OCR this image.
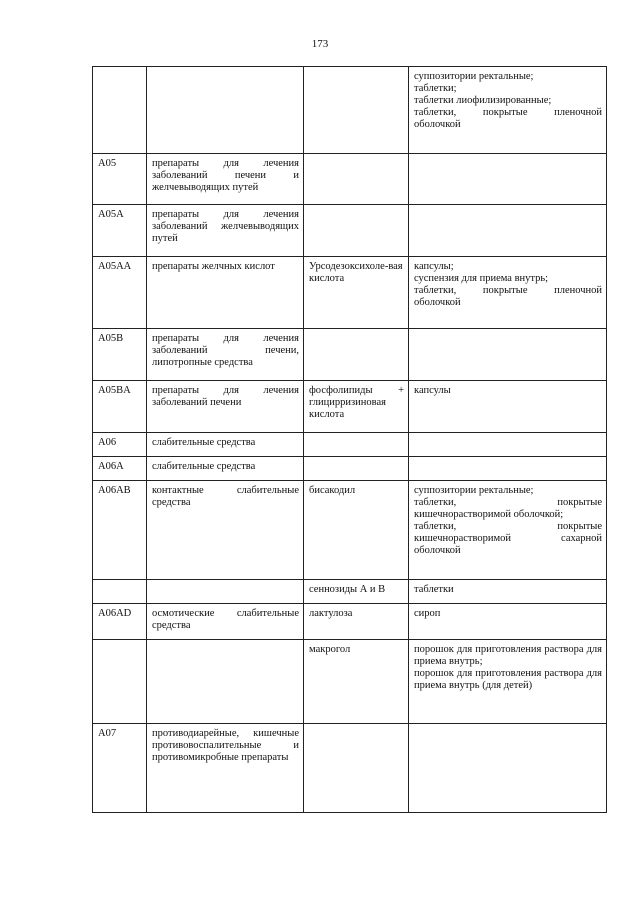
173

			суппозитории ректальные;
таблетки;
таблетки лиофилизированные;
таблетки, покрытые пленочной оболочкой

A05	препараты для лечения заболеваний печени и желчевыводящих путей		
A05A	препараты для лечения заболеваний желчевыводящих путей		
A05AA	препараты желчных кислот	Урсодезоксихоле-вая кислота	капсулы;
суспензия для приема внутрь;
таблетки, покрытые пленочной оболочкой

A05B	препараты для лечения заболеваний печени, липотропные средства		
A05BA	препараты для лечения заболеваний печени	фосфолипиды + глицирризиновая кислота	капсулы

A06	слабительные средства		
A06A	слабительные средства		
A06AB	контактные слабительные средства	бисакодил	суппозитории ректальные;
таблетки, покрытые кишечнорастворимой оболочкой;
таблетки, покрытые кишечнорастворимой сахарной оболочкой

		сеннозиды А и В	таблетки

A06AD	осмотические слабительные средства	лактулоза	сироп

		макрогол	порошок для приготовления раствора для приема внутрь;
порошок для приготовления раствора для приема внутрь (для детей)

A07	противодиарейные, кишечные противовоспалительные и противомикробные препараты		
